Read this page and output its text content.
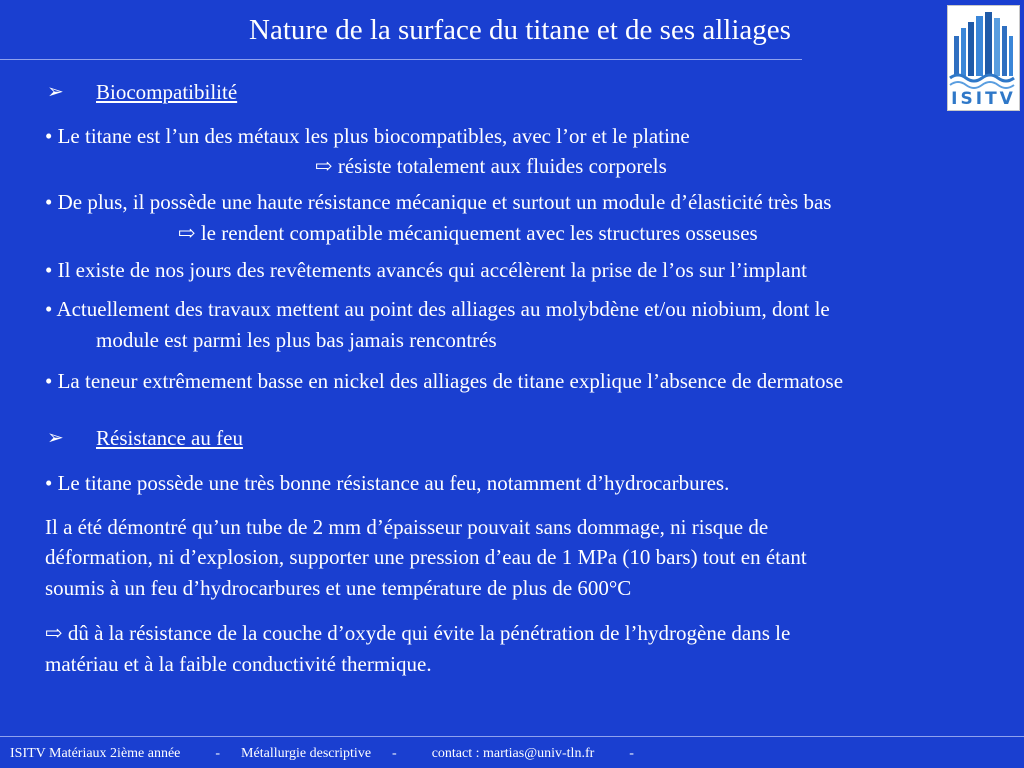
Nature de la surface du titane et de ses alliages
ISITV
➢ Biocompatibilité
• Le titane est l’un des métaux les plus biocompatibles, avec l’or et le platine
⇨ résiste totalement aux fluides corporels
• De plus, il possède une haute résistance mécanique et surtout un module d’élasticité très bas
⇨ le rendent compatible mécaniquement avec les structures osseuses
• Il existe de nos jours des revêtements avancés qui accélèrent la prise de l’os sur l’implant
• Actuellement des travaux mettent au point des alliages au molybdène et/ou niobium, dont le
module est parmi les plus bas jamais rencontrés
• La teneur extrêmement basse en nickel des alliages de titane explique l’absence de dermatose
➢ Résistance au feu
• Le titane possède une très bonne résistance au feu, notamment d’hydrocarbures.
Il a été démontré qu’un tube de 2 mm d’épaisseur pouvait sans dommage, ni risque de
déformation, ni d’explosion, supporter une pression d’eau de 1 MPa (10 bars) tout en étant
soumis à un feu d’hydrocarbures et une température de plus de 600°C
⇨ dû à la résistance de la couche d’oxyde qui évite la pénétration de l’hydrogène dans le
matériau et à la faible conductivité thermique.
ISITV Matériaux 2ième année          -      Métallurgie descriptive      -          contact : martias@univ-tln.fr          -
